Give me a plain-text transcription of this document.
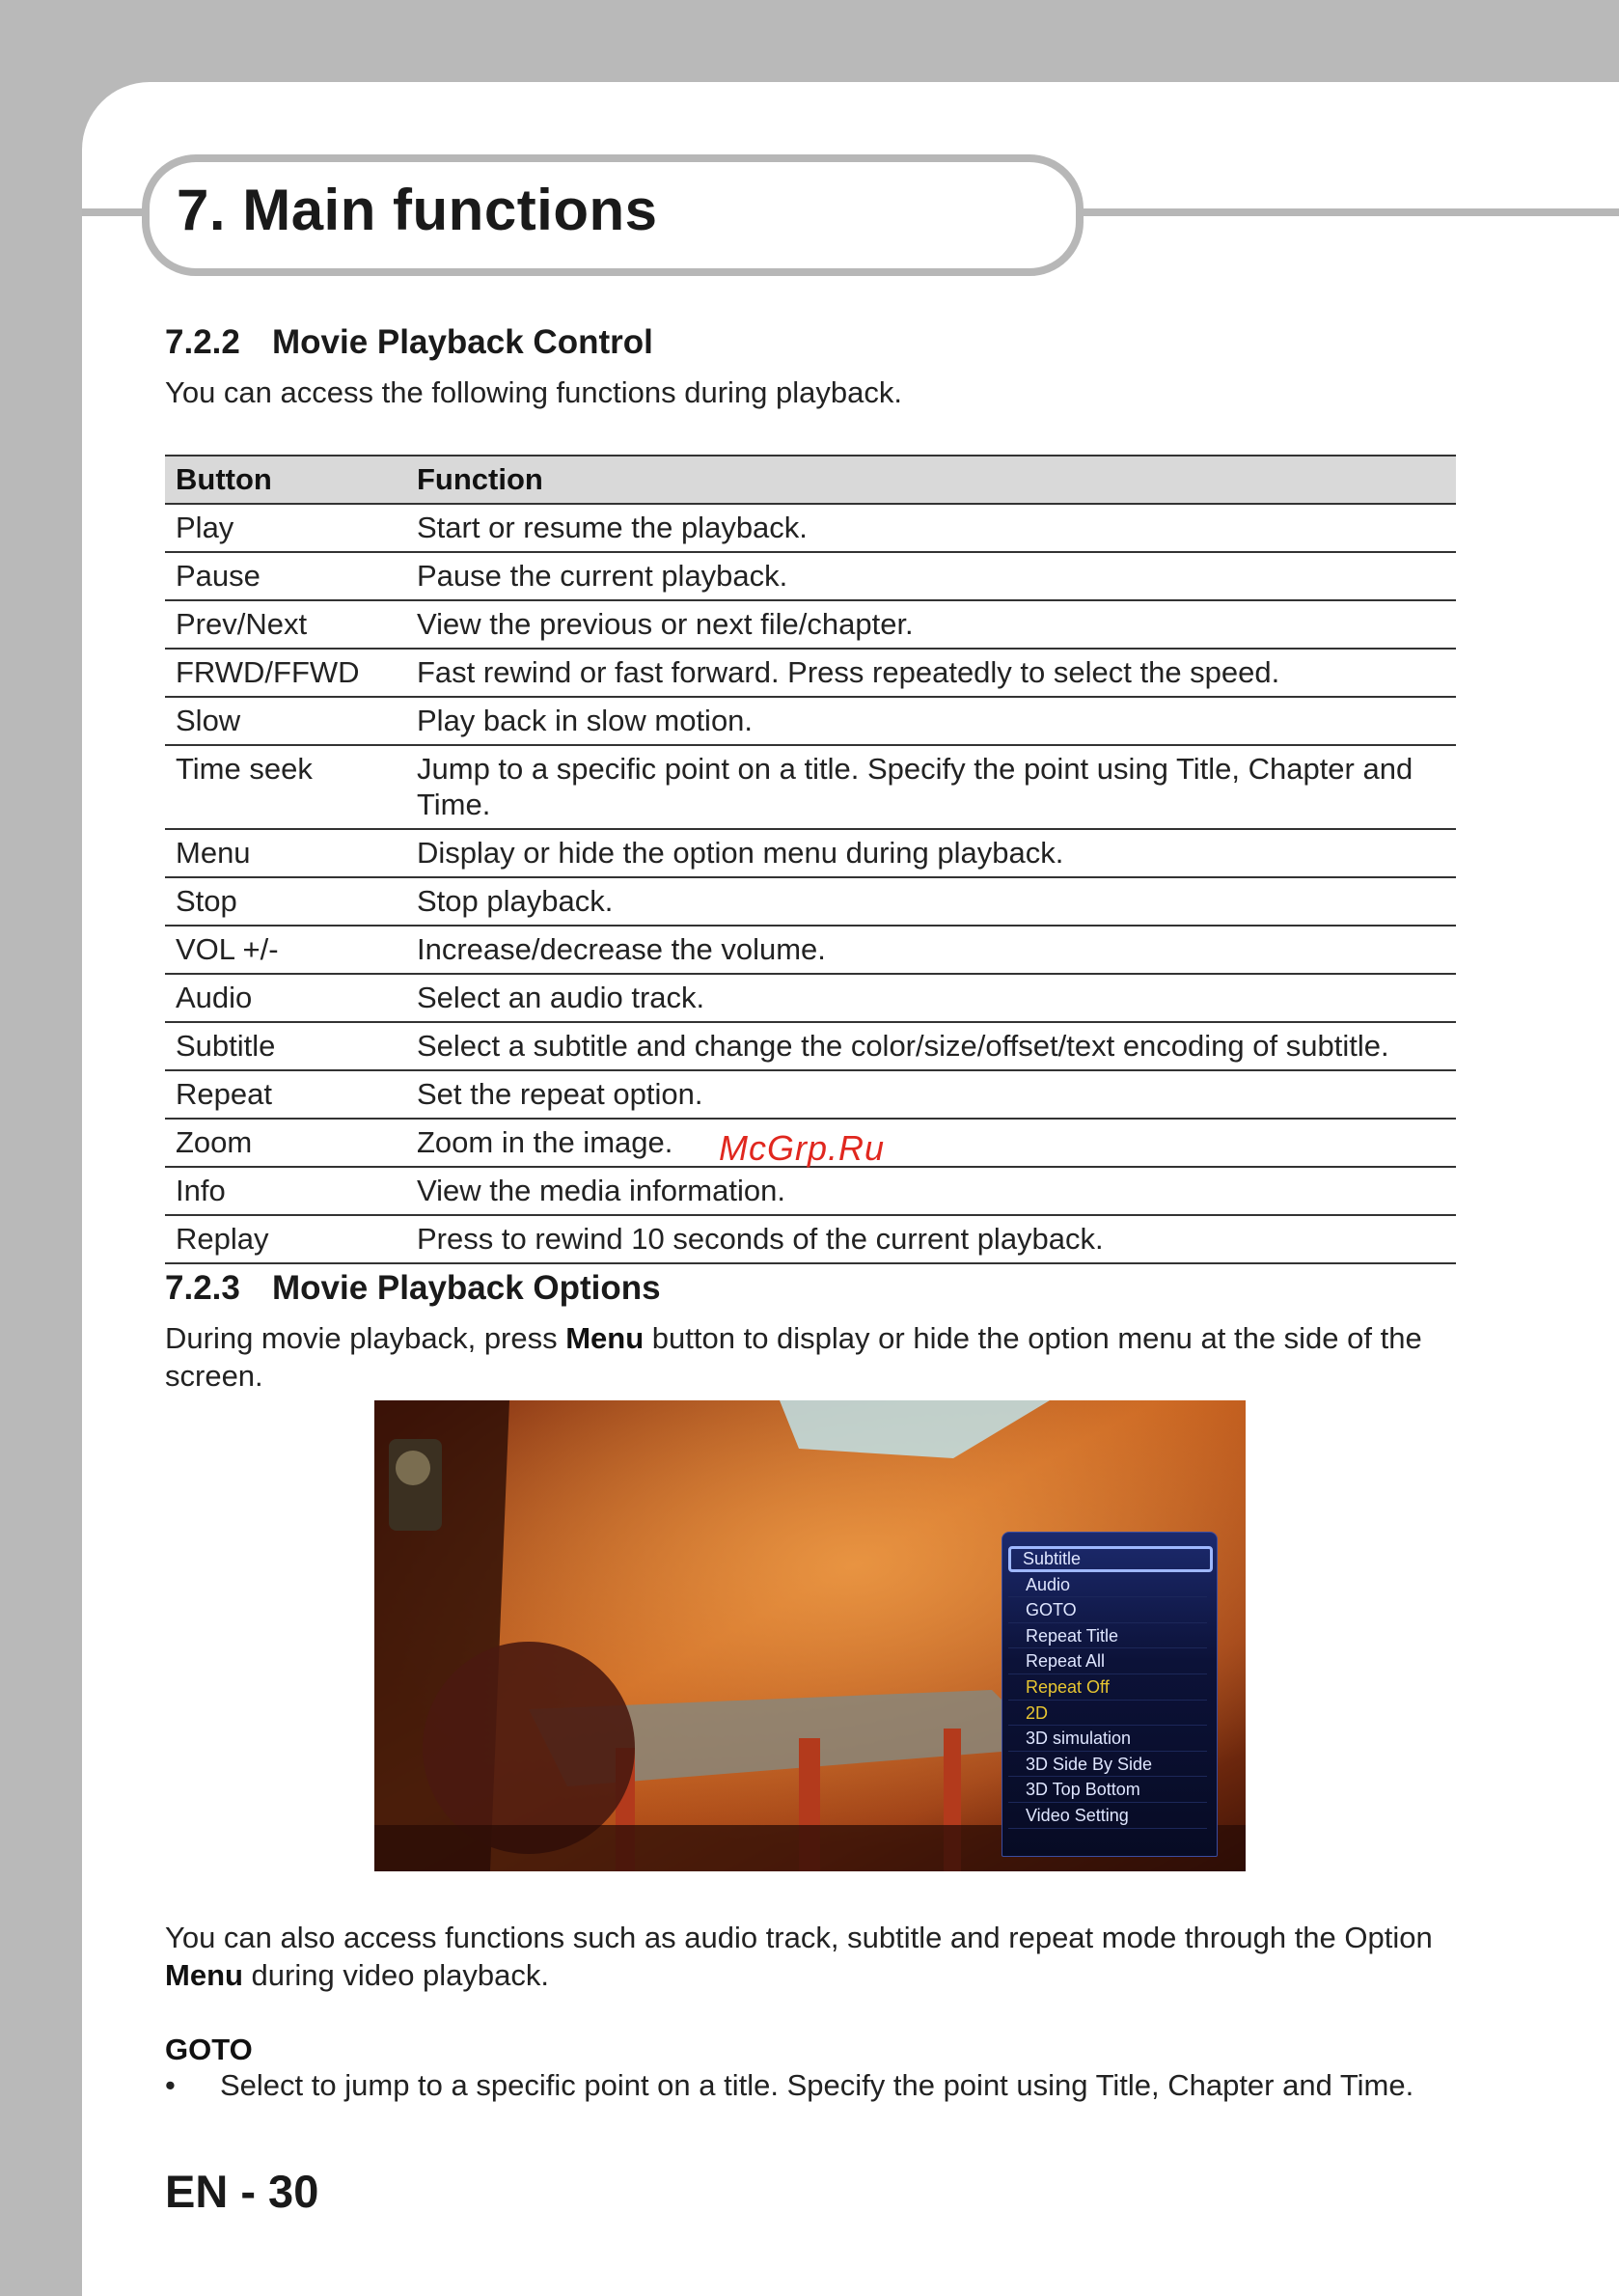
7. Main functions
7.2.2 Movie Playback Control

You can access the following functions during playback.

Button	Function
Play	Start or resume the playback.
Pause	Pause the current playback.
Prev/Next	View the previous or next file/chapter.
FRWD/FFWD	Fast rewind or fast forward. Press repeatedly to select the speed.
Slow	Play back in slow motion.
Time seek	Jump to a specific point on a title. Specify the point using Title, Chapter and Time.
Menu	Display or hide the option menu during playback.
Stop	Stop playback.
VOL +/-	Increase/decrease the volume.
Audio	Select an audio track.
Subtitle	Select a subtitle and change the color/size/offset/text encoding of subtitle.
Repeat	Set the repeat option.
Zoom	Zoom in the image.
Info	View the media information.
Replay	Press to rewind 10 seconds of the current playback.

McGrp.Ru

7.2.3 Movie Playback Options

During movie playback, press Menu button to display or hide the option menu at the side of the screen.

Subtitle
Audio
GOTO
Repeat Title
Repeat All
Repeat Off
2D
3D simulation
3D Side By Side
3D Top Bottom
Video Setting

You can also access functions such as audio track, subtitle and repeat mode through the Option Menu during video playback.

GOTO

• Select to jump to a specific point on a title. Specify the point using Title, Chapter and Time.

EN - 30
